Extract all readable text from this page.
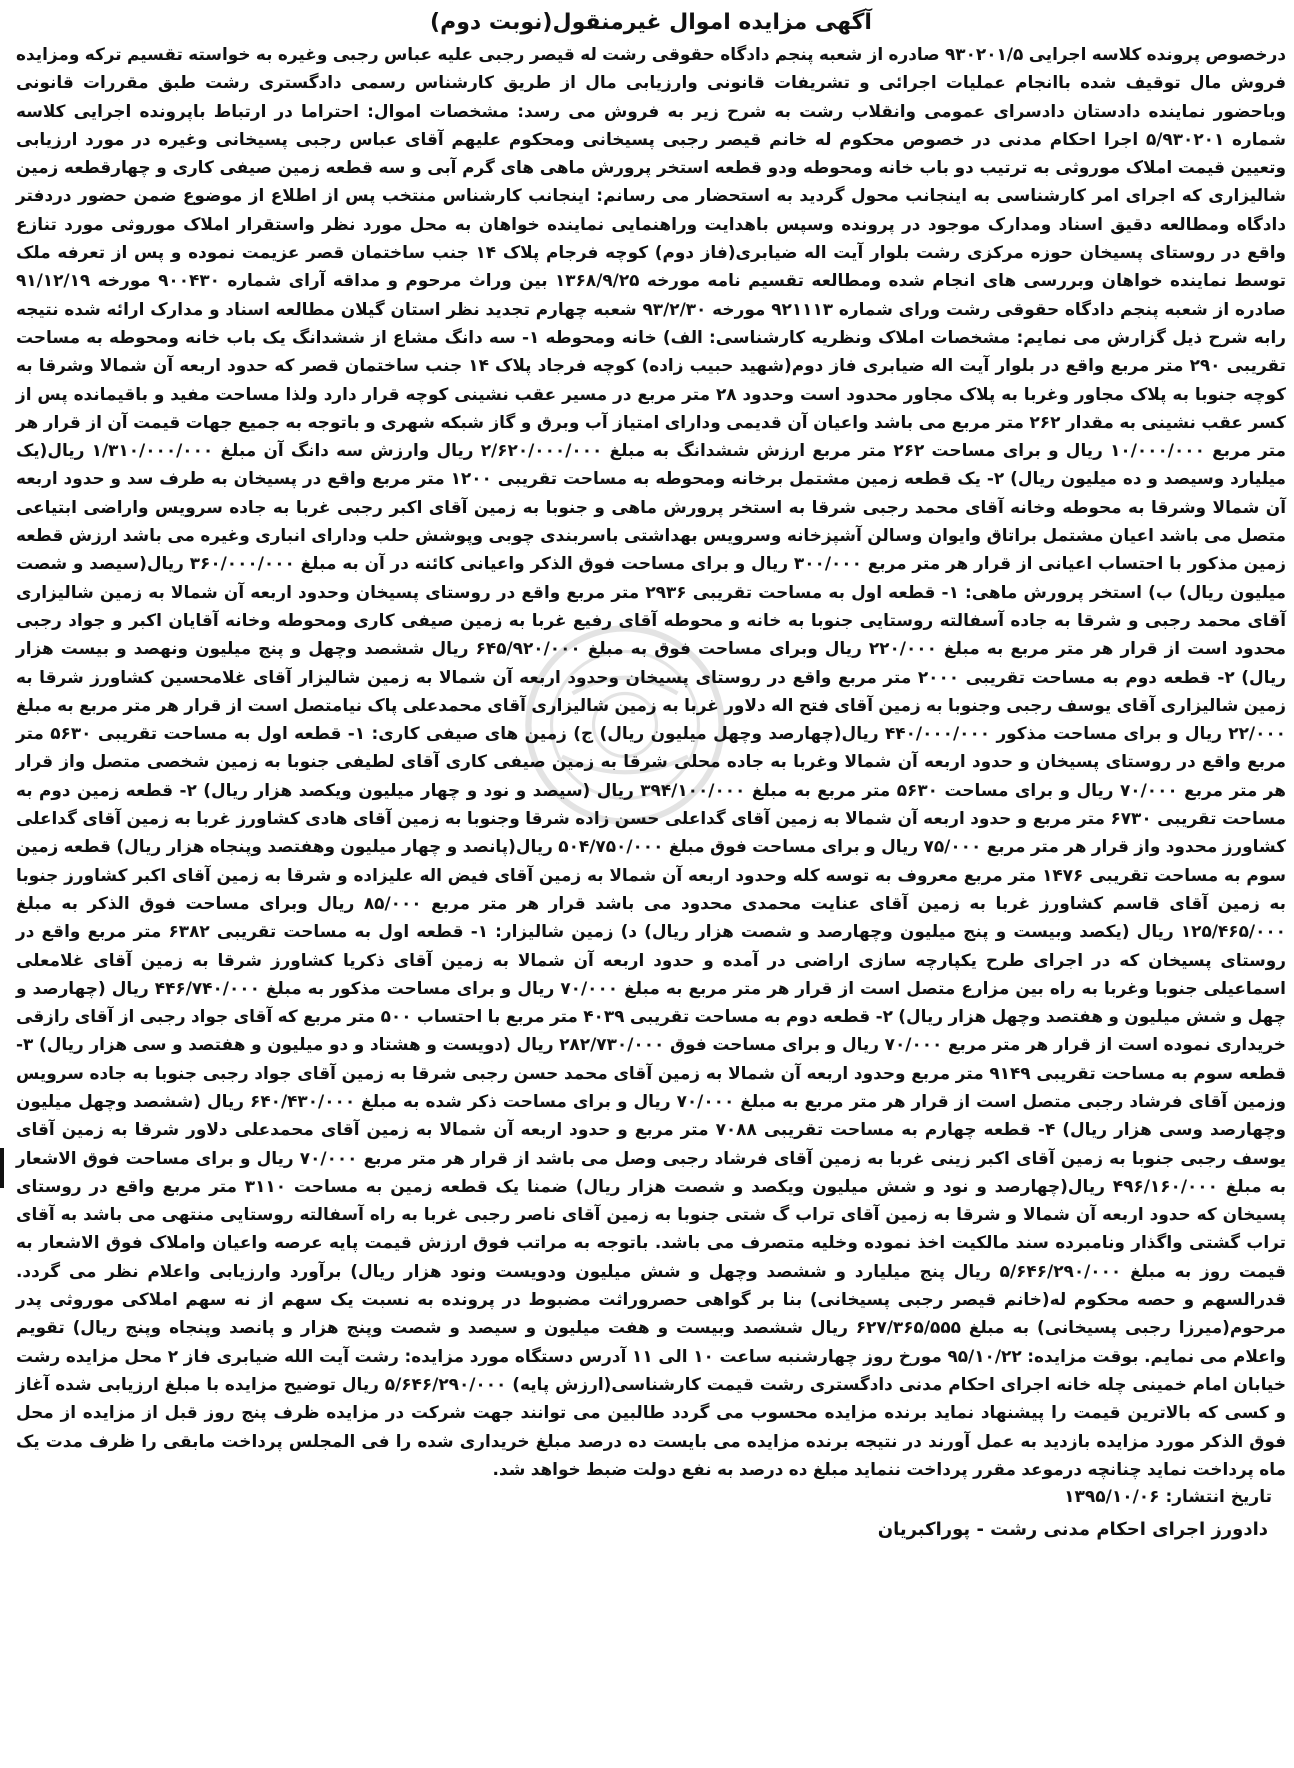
آگهی مزایده اموال غیرمنقول(نوبت دوم)

درخصوص پرونده کلاسه اجرایی ۹۳۰۲۰۱/۵ صادره از شعبه پنجم دادگاه حقوقی رشت له قیصر رجبی علیه عباس رجبی وغیره به خواسته تقسیم ترکه ومزایده فروش مال توقیف شده باانجام عملیات اجرائی و تشریفات قانونی وارزیابی مال از طریق کارشناس رسمی دادگستری رشت طبق مقررات قانونی وباحضور نماینده دادستان دادسرای عمومی وانقلاب رشت به شرح زیر به فروش می رسد: مشخصات اموال: احتراما در ارتباط باپرونده اجرایی کلاسه شماره ۵/۹۳۰۲۰۱ اجرا احکام مدنی در خصوص محکوم له خانم قیصر رجبی پسیخانی ومحکوم علیهم آقای عباس رجبی پسیخانی وغیره در مورد ارزیابی وتعیین قیمت املاک موروثی به ترتیب دو باب خانه ومحوطه ودو قطعه استخر پرورش ماهی های گرم آبی و سه قطعه زمین صیفی کاری و چهارقطعه زمین شالیزاری که اجرای امر کارشناسی به اینجانب محول گردید به استحضار می رسانم: اینجانب کارشناس منتخب پس از اطلاع از موضوع ضمن حضور دردفتر دادگاه ومطالعه دقیق اسناد ومدارک موجود در پرونده وسپس باهدایت وراهنمایی نماینده خواهان به محل مورد نظر واستقرار املاک موروثی مورد تنازع واقع در روستای پسیخان حوزه مرکزی رشت بلوار آیت اله ضیابری(فاز دوم) کوچه فرجام پلاک ۱۴ جنب ساختمان قصر عزیمت نموده و پس از تعرفه ملک توسط نماینده خواهان وبررسی های انجام شده ومطالعه تقسیم نامه مورخه ۱۳۶۸/۹/۲۵ بین وراث مرحوم و مداقه آرای شماره ۹۰۰۴۳۰ مورخه ۹۱/۱۲/۱۹ صادره از شعبه پنجم دادگاه حقوقی رشت ورای شماره ۹۲۱۱۱۳ مورخه ۹۳/۲/۳۰ شعبه چهارم تجدید نظر استان گیلان مطالعه اسناد و مدارک ارائه شده نتیجه رابه شرح ذیل گزارش می نمایم: مشخصات املاک ونظریه کارشناسی: الف) خانه ومحوطه ۱- سه دانگ مشاع از ششدانگ یک باب خانه ومحوطه به مساحت تقریبی ۲۹۰ متر مربع واقع در بلوار آیت اله ضیابری فاز دوم(شهید حبیب زاده) کوچه فرجاد پلاک ۱۴ جنب ساختمان قصر که حدود اربعه آن شمالا وشرقا به کوچه جنوبا به پلاک مجاور وغربا به پلاک مجاور محدود است وحدود ۲۸ متر مربع در مسیر عقب نشینی کوچه قرار دارد ولذا مساحت مفید و باقیمانده پس از کسر عقب نشینی به مقدار ۲۶۲ متر مربع می باشد واعیان آن قدیمی ودارای امتیاز آب وبرق و گاز شبکه شهری و باتوجه به جمیع جهات قیمت آن از قرار هر متر مربع ۱۰/۰۰۰/۰۰۰ ریال و برای مساحت ۲۶۲ متر مربع ارزش ششدانگ به مبلغ ۲/۶۲۰/۰۰۰/۰۰۰ ریال وارزش سه دانگ آن مبلغ ۱/۳۱۰/۰۰۰/۰۰۰ ریال(یک میلیارد وسیصد و ده میلیون ریال) ۲- یک قطعه زمین مشتمل برخانه ومحوطه به مساحت تقریبی ۱۲۰۰ متر مربع واقع در پسیخان به طرف سد و حدود اربعه آن شمالا وشرقا به محوطه وخانه آقای محمد رجبی شرقا به استخر پرورش ماهی و جنوبا به زمین آقای اکبر رجبی غربا به جاده سرویس واراضی ابتیاعی متصل می باشد اعیان مشتمل براتاق وایوان وسالن آشپزخانه وسرویس بهداشتی باسربندی چوبی وپوشش حلب ودارای انباری وغیره می باشد ارزش قطعه زمین مذکور با احتساب اعیانی از قرار هر متر مربع ۳۰۰/۰۰۰ ریال و برای مساحت فوق الذکر واعیانی کائنه در آن به مبلغ ۳۶۰/۰۰۰/۰۰۰ ریال(سیصد و شصت میلیون ریال) ب) استخر پرورش ماهی: ۱- قطعه اول به مساحت تقریبی ۲۹۳۶ متر مربع واقع در روستای پسیخان وحدود اربعه آن شمالا به زمین شالیزاری آقای محمد رجبی و شرقا به جاده آسفالته روستایی جنوبا به خانه و محوطه آقای رفیع غربا به زمین صیفی کاری ومحوطه وخانه آقایان اکبر و جواد رجبی محدود است از قرار هر متر مربع به مبلغ ۲۲۰/۰۰۰ ریال وبرای مساحت فوق به مبلغ ۶۴۵/۹۲۰/۰۰۰ ریال ششصد وچهل و پنج میلیون ونهصد و بیست هزار ریال) ۲- قطعه دوم به مساحت تقریبی ۲۰۰۰ متر مربع واقع در روستای پسیخان وحدود اربعه آن شمالا به زمین شالیزار آقای غلامحسین کشاورز شرقا به زمین شالیزاری آقای یوسف رجبی وجنوبا به زمین آقای فتح اله دلاور غربا به زمین شالیزاری آقای محمدعلی پاک نیامتصل است از قرار هر متر مربع به مبلغ ۲۲/۰۰۰ ریال و برای مساحت مذکور ۴۴۰/۰۰۰/۰۰۰ ریال(چهارصد وچهل میلیون ریال) ج) زمین های صیفی کاری: ۱- قطعه اول به مساحت تقریبی ۵۶۳۰ متر مربع واقع در روستای پسیخان و حدود اربعه آن شمالا وغربا به جاده محلی شرقا به زمین صیفی کاری آقای لطیفی جنوبا به زمین شخصی متصل واز قرار هر متر مربع ۷۰/۰۰۰ ریال و برای مساحت ۵۶۳۰ متر مربع به مبلغ ۳۹۴/۱۰۰/۰۰۰ ریال (سیصد و نود و چهار میلیون ویکصد هزار ریال) ۲- قطعه زمین دوم به مساحت تقریبی ۶۷۳۰ متر مربع و حدود اربعه آن شمالا به زمین آقای گداعلی حسن زاده شرقا وجنوبا به زمین آقای هادی کشاورز غربا به زمین آقای گداعلی کشاورز محدود واز قرار هر متر مربع ۷۵/۰۰۰ ریال و برای مساحت فوق مبلغ ۵۰۴/۷۵۰/۰۰۰ ریال(پانصد و چهار میلیون وهفتصد وپنجاه هزار ریال) قطعه زمین سوم به مساحت تقریبی ۱۴۷۶ متر مربع معروف به توسه کله وحدود اربعه آن شمالا به زمین آقای فیض اله علیزاده و شرقا به زمین آقای اکبر کشاورز جنوبا به زمین آقای قاسم کشاورز غربا به زمین آقای عنایت محمدی محدود می باشد قرار هر متر مربع ۸۵/۰۰۰ ریال وبرای مساحت فوق الذکر به مبلغ ۱۲۵/۴۶۵/۰۰۰ ریال (یکصد وبیست و پنج میلیون وچهارصد و شصت هزار ریال) د) زمین شالیزار: ۱- قطعه اول به مساحت تقریبی ۶۳۸۲ متر مربع واقع در روستای پسیخان که در اجرای طرح یکپارچه سازی اراضی در آمده و حدود اربعه آن شمالا به زمین آقای ذکریا کشاورز شرقا به زمین آقای غلامعلی اسماعیلی جنوبا وغربا به راه بین مزارع متصل است از قرار هر متر مربع به مبلغ ۷۰/۰۰۰ ریال و برای مساحت مذکور به مبلغ ۴۴۶/۷۴۰/۰۰۰ ریال (چهارصد و چهل و شش میلیون و هفتصد وچهل هزار ریال) ۲- قطعه دوم به مساحت تقریبی ۴۰۳۹ متر مربع با احتساب ۵۰۰ متر مربع که آقای جواد رجبی از آقای رازقی خریداری نموده است از قرار هر متر مربع ۷۰/۰۰۰ ریال و برای مساحت فوق ۲۸۲/۷۳۰/۰۰۰ ریال (دویست و هشتاد و دو میلیون و هفتصد و سی هزار ریال) ۳- قطعه سوم به مساحت تقریبی ۹۱۴۹ متر مربع وحدود اربعه آن شمالا به زمین آقای محمد حسن رجبی شرقا به زمین آقای جواد رجبی جنوبا به جاده سرویس وزمین آقای فرشاد رجبی متصل است از قرار هر متر مربع به مبلغ ۷۰/۰۰۰ ریال و برای مساحت ذکر شده به مبلغ ۶۴۰/۴۳۰/۰۰۰ ریال (ششصد وچهل میلیون وچهارصد وسی هزار ریال) ۴- قطعه چهارم به مساحت تقریبی ۷۰۸۸ متر مربع و حدود اربعه آن شمالا به زمین آقای محمدعلی دلاور شرقا به زمین آقای یوسف رجبی جنوبا به زمین آقای اکبر زینی غربا به زمین آقای فرشاد رجبی وصل می باشد از قرار هر متر مربع ۷۰/۰۰۰ ریال و برای مساحت فوق الاشعار به مبلغ ۴۹۶/۱۶۰/۰۰۰ ریال(چهارصد و نود و شش میلیون ویکصد و شصت هزار ریال) ضمنا یک قطعه زمین به مساحت ۳۱۱۰ متر مربع واقع در روستای پسیخان که حدود اربعه آن شمالا و شرقا به زمین آقای تراب گ شتی جنوبا به زمین آقای ناصر رجبی غربا به راه آسفالته روستایی منتهی می باشد به آقای تراب گشتی واگذار ونامبرده سند مالکیت اخذ نموده وخلیه متصرف می باشد. باتوجه به مراتب فوق ارزش قیمت پایه عرصه واعیان واملاک فوق الاشعار به قیمت روز به مبلغ ۵/۶۴۶/۲۹۰/۰۰۰ ریال پنج میلیارد و ششصد وچهل و شش میلیون ودویست ونود هزار ریال) برآورد وارزیابی واعلام نظر می گردد. قدرالسهم و حصه محکوم له(خانم قیصر رجبی پسیخانی) بنا بر گواهی حصروراثت مضبوط در پرونده به نسبت یک سهم از نه سهم املاکی موروثی پدر مرحوم(میرزا رجبی پسیخانی) به مبلغ ۶۲۷/۳۶۵/۵۵۵ ریال ششصد وبیست و هفت میلیون و سیصد و شصت وپنج هزار و پانصد وپنجاه وپنج ریال) تقویم واعلام می نمایم. بوقت مزایده: ۹۵/۱۰/۲۲ مورخ روز چهارشنبه ساعت ۱۰ الی ۱۱ آدرس دستگاه مورد مزایده: رشت آیت الله ضیابری فاز ۲ محل مزایده رشت خیابان امام خمینی چله خانه اجرای احکام مدنی دادگستری رشت قیمت کارشناسی(ارزش پایه) ۵/۶۴۶/۲۹۰/۰۰۰ ریال توضیح مزایده با مبلغ ارزیابی شده آغاز و کسی که بالاترین قیمت را پیشنهاد نماید برنده مزایده محسوب می گردد طالبین می توانند جهت شرکت در مزایده ظرف پنج روز قبل از مزایده از محل فوق الذکر مورد مزایده بازدید به عمل آورند در نتیجه برنده مزایده می بایست ده درصد مبلغ خریداری شده را فی المجلس پرداخت مابقی را ظرف مدت یک ماه پرداخت نماید چنانچه درموعد مقرر پرداخت ننماید مبلغ ده درصد به نفع دولت ضبط خواهد شد.

تاریخ انتشار: ۱۳۹۵/۱۰/۰۶

دادورز اجرای احکام مدنی رشت - پوراکبریان
